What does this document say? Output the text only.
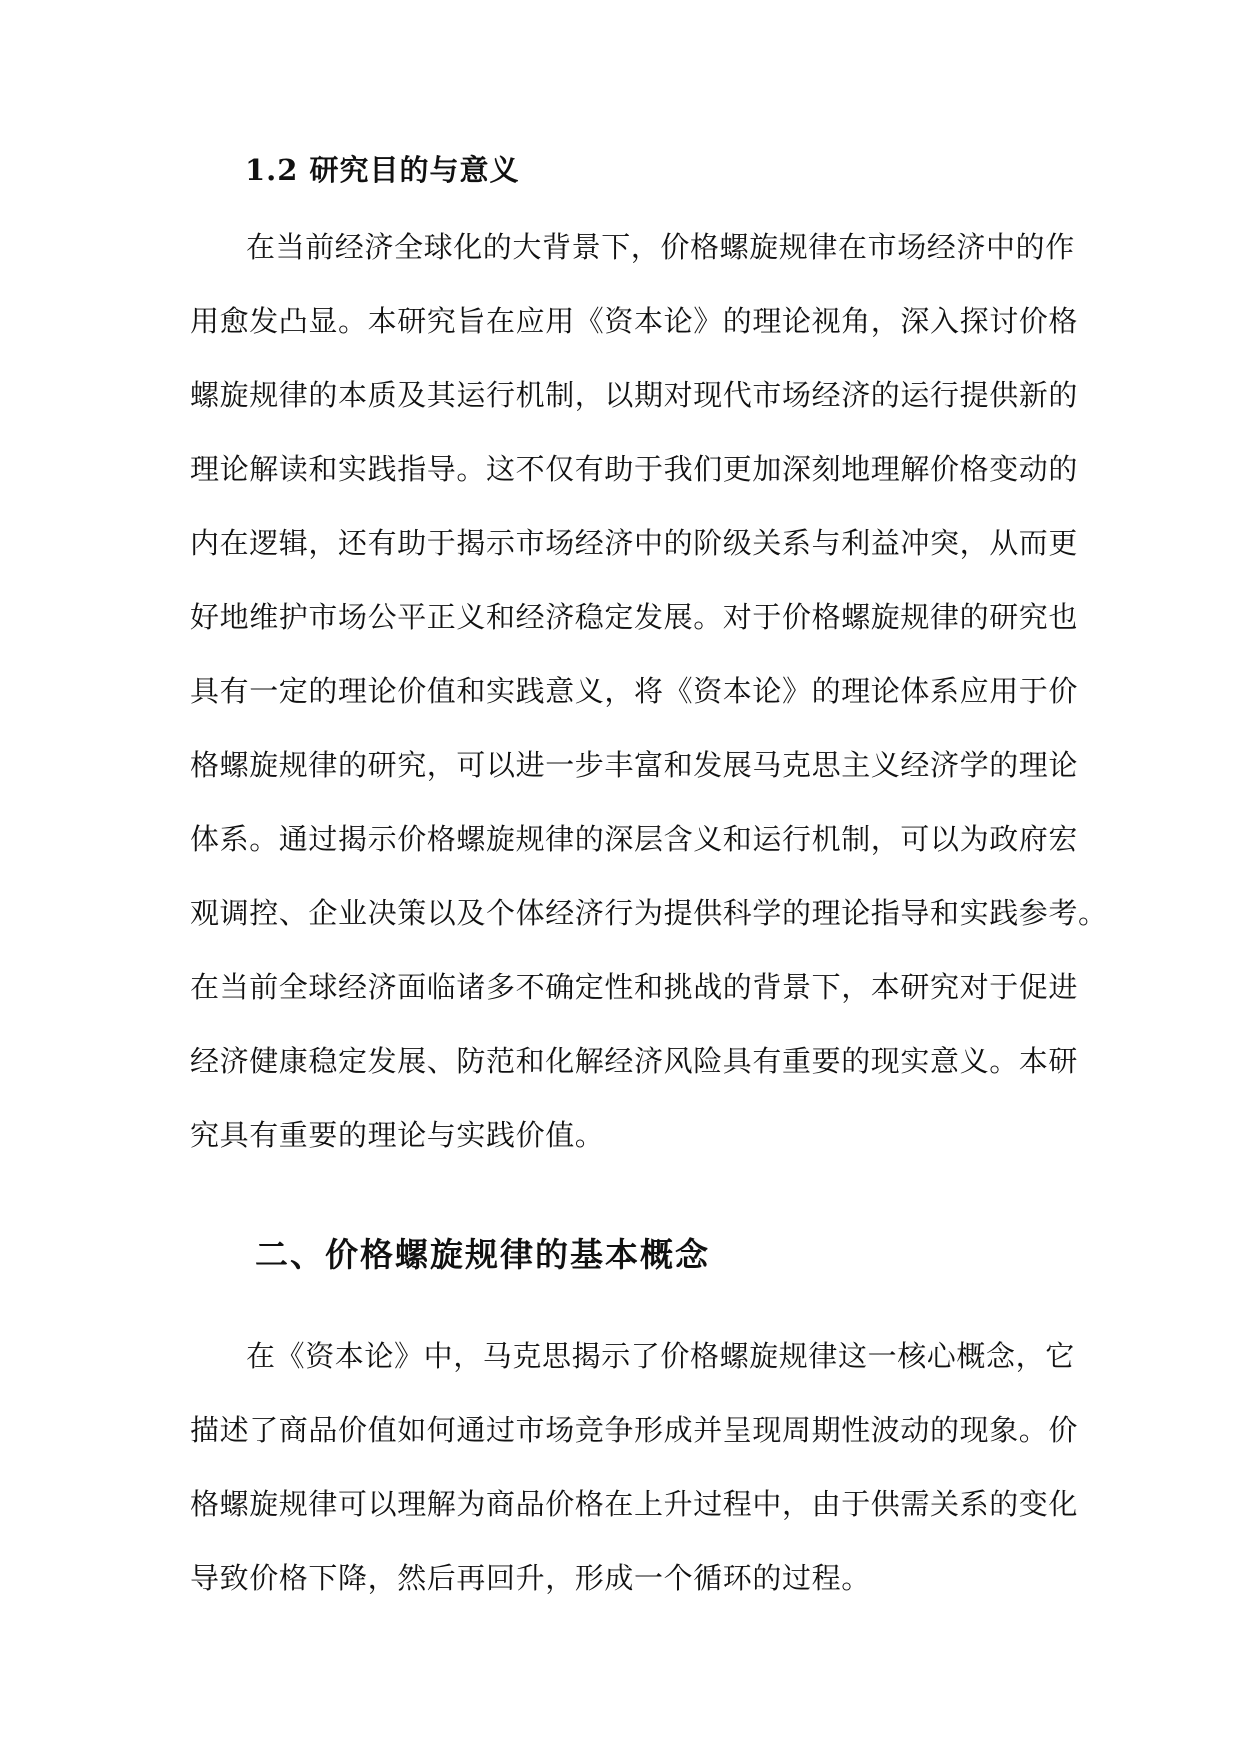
1.2 研究目的与意义
在当前经济全球化的大背景下，价格螺旋规律在市场经济中的作
用愈发凸显。本研究旨在应用《资本论》的理论视角，深入探讨价格
螺旋规律的本质及其运行机制，以期对现代市场经济的运行提供新的
理论解读和实践指导。这不仅有助于我们更加深刻地理解价格变动的
内在逻辑，还有助于揭示市场经济中的阶级关系与利益冲突，从而更
好地维护市场公平正义和经济稳定发展。对于价格螺旋规律的研究也
具有一定的理论价值和实践意义，将《资本论》的理论体系应用于价
格螺旋规律的研究，可以进一步丰富和发展马克思主义经济学的理论
体系。通过揭示价格螺旋规律的深层含义和运行机制，可以为政府宏
观调控、企业决策以及个体经济行为提供科学的理论指导和实践参考。
在当前全球经济面临诸多不确定性和挑战的背景下，本研究对于促进
经济健康稳定发展、防范和化解经济风险具有重要的现实意义。本研
究具有重要的理论与实践价值。
二、价格螺旋规律的基本概念
在《资本论》中，马克思揭示了价格螺旋规律这一核心概念，它
描述了商品价值如何通过市场竞争形成并呈现周期性波动的现象。价
格螺旋规律可以理解为商品价格在上升过程中，由于供需关系的变化
导致价格下降，然后再回升，形成一个循环的过程。
